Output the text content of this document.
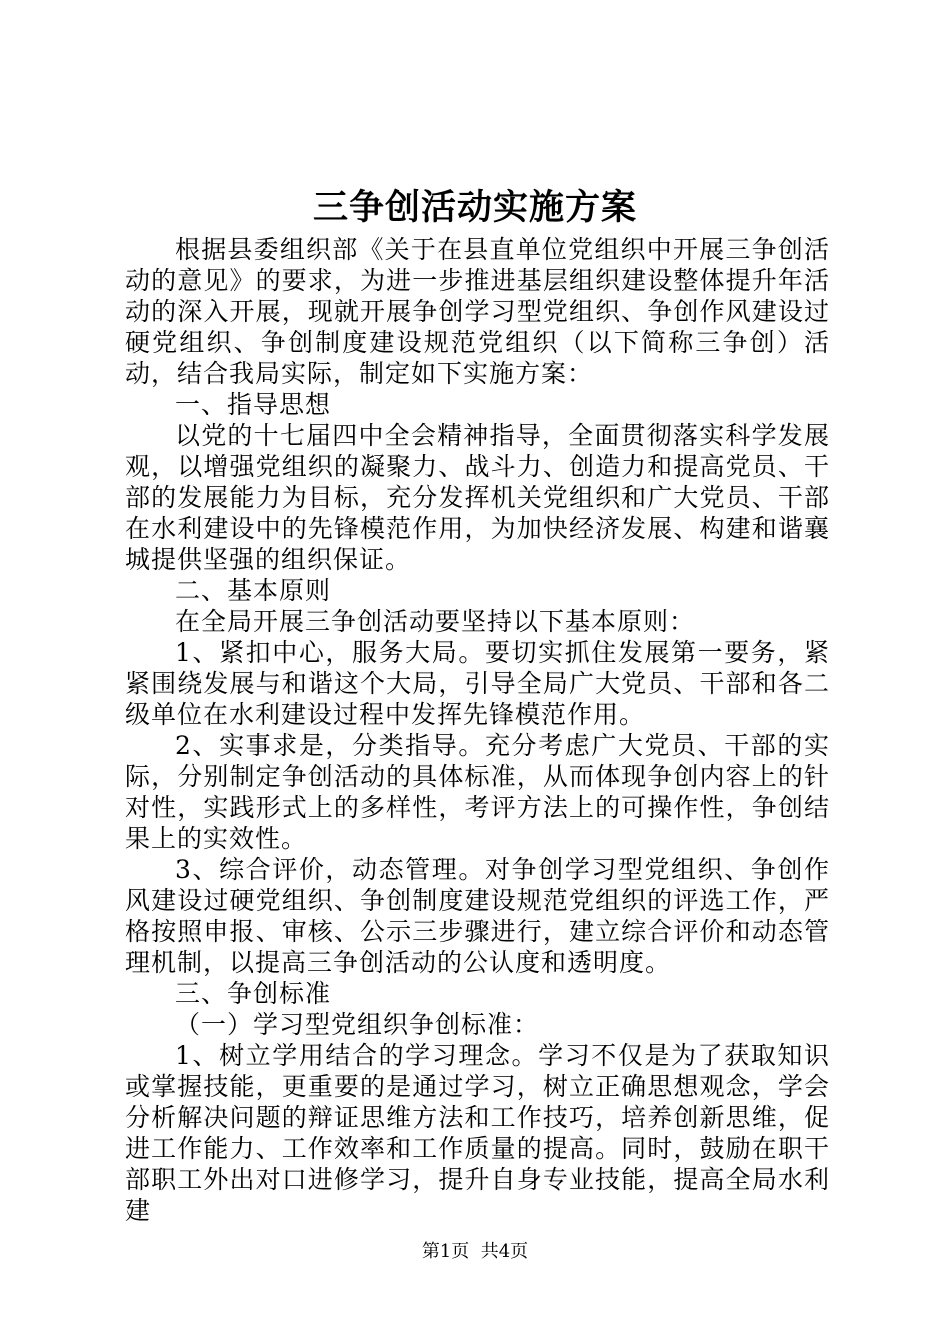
三争创活动实施方案

根据县委组织部《关于在县直单位党组织中开展三争创活动的意见》的要求，为进一步推进基层组织建设整体提升年活动的深入开展，现就开展争创学习型党组织、争创作风建设过硬党组织、争创制度建设规范党组织（以下简称三争创）活动，结合我局实际，制定如下实施方案：

一、指导思想

以党的十七届四中全会精神指导，全面贯彻落实科学发展观，以增强党组织的凝聚力、战斗力、创造力和提高党员、干部的发展能力为目标，充分发挥机关党组织和广大党员、干部在水利建设中的先锋模范作用，为加快经济发展、构建和谐襄城提供坚强的组织保证。

二、基本原则

在全局开展三争创活动要坚持以下基本原则：

1、紧扣中心，服务大局。要切实抓住发展第一要务，紧紧围绕发展与和谐这个大局，引导全局广大党员、干部和各二级单位在水利建设过程中发挥先锋模范作用。

2、实事求是，分类指导。充分考虑广大党员、干部的实际，分别制定争创活动的具体标准，从而体现争创内容上的针对性，实践形式上的多样性，考评方法上的可操作性，争创结果上的实效性。

3、综合评价，动态管理。对争创学习型党组织、争创作风建设过硬党组织、争创制度建设规范党组织的评选工作，严格按照申报、审核、公示三步骤进行，建立综合评价和动态管理机制，以提高三争创活动的公认度和透明度。

三、争创标准

（一）学习型党组织争创标准：

1、树立学用结合的学习理念。学习不仅是为了获取知识或掌握技能，更重要的是通过学习，树立正确思想观念，学会分析解决问题的辩证思维方法和工作技巧，培养创新思维，促进工作能力、工作效率和工作质量的提高。同时，鼓励在职干部职工外出对口进修学习，提升自身专业技能，提高全局水利建

第1页  共4页
